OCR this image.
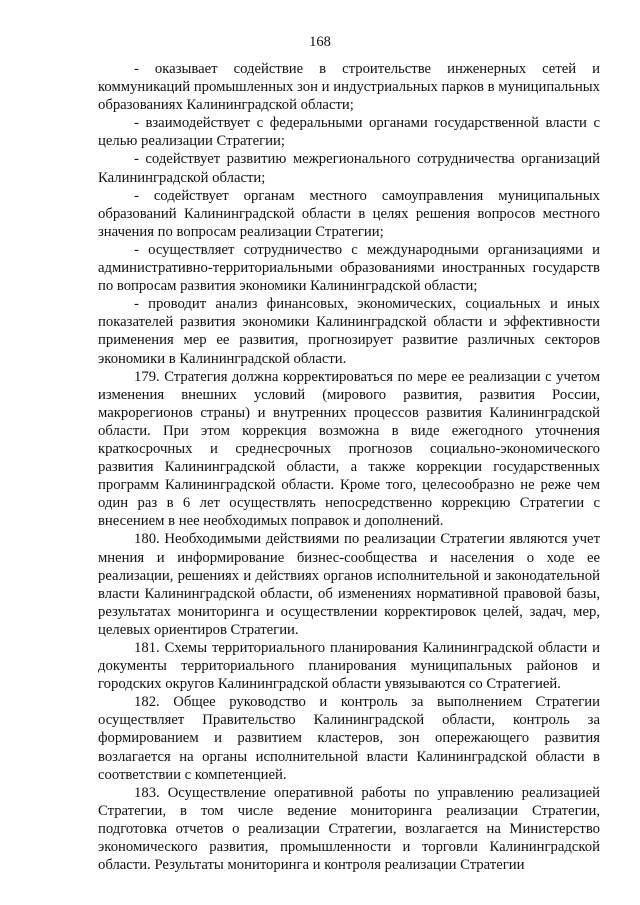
168

- оказывает содействие в строительстве инженерных сетей и коммуникаций промышленных зон и индустриальных парков в муниципальных образованиях Калининградской области;

- взаимодействует с федеральными органами государственной власти с целью реализации Стратегии;

- содействует развитию межрегионального сотрудничества организаций Калининградской области;

- содействует органам местного самоуправления муниципальных образований Калининградской области в целях решения вопросов местного значения по вопросам реализации Стратегии;

- осуществляет сотрудничество с международными организациями и административно-территориальными образованиями иностранных государств по вопросам развития экономики Калининградской области;

- проводит анализ финансовых, экономических, социальных и иных показателей развития экономики Калининградской области и эффективности применения мер ее развития, прогнозирует развитие различных секторов экономики в Калининградской области.

179. Стратегия должна корректироваться по мере ее реализации с учетом изменения внешних условий (мирового развития, развития России, макрорегионов страны) и внутренних процессов развития Калининградской области. При этом коррекция возможна в виде ежегодного уточнения краткосрочных и среднесрочных прогнозов социально-экономического развития Калининградской области, а также коррекции государственных программ Калининградской области. Кроме того, целесообразно не реже чем один раз в 6 лет осуществлять непосредственно коррекцию Стратегии с внесением в нее необходимых поправок и дополнений.

180. Необходимыми действиями по реализации Стратегии являются учет мнения и информирование бизнес-сообщества и населения о ходе ее реализации, решениях и действиях органов исполнительной и законодательной власти Калининградской области, об изменениях нормативной правовой базы, результатах мониторинга и осуществлении корректировок целей, задач, мер, целевых ориентиров Стратегии.

181. Схемы территориального планирования Калининградской области и документы территориального планирования муниципальных районов и городских округов Калининградской области увязываются со Стратегией.

182. Общее руководство и контроль за выполнением Стратегии осуществляет Правительство Калининградской области, контроль за формированием и развитием кластеров, зон опережающего развития возлагается на органы исполнительной власти Калининградской области в соответствии с компетенцией.

183. Осуществление оперативной работы по управлению реализацией Стратегии, в том числе ведение мониторинга реализации Стратегии, подготовка отчетов о реализации Стратегии, возлагается на Министерство экономического развития, промышленности и торговли Калининградской области. Результаты мониторинга и контроля реализации Стратегии
